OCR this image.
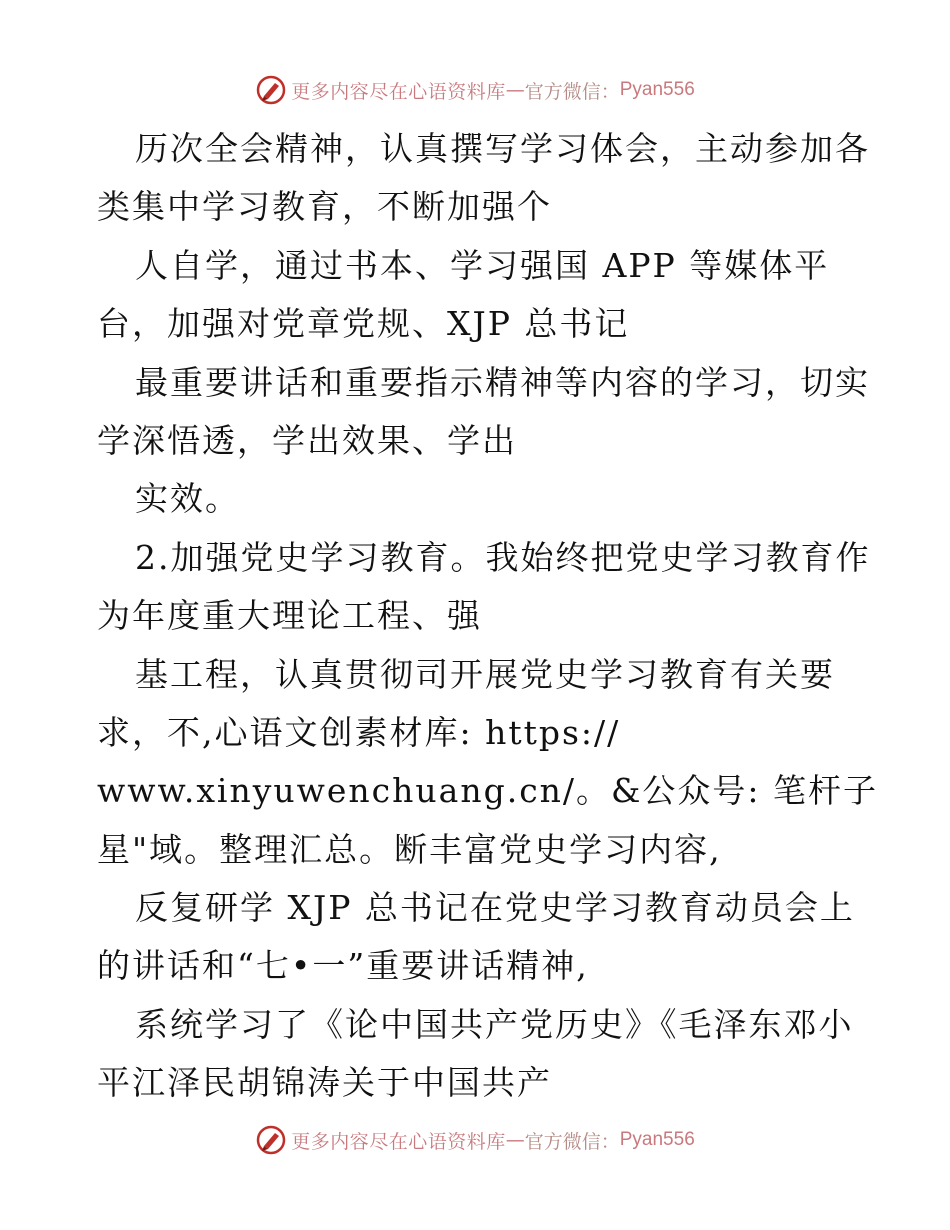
更多内容尽在心语资料库 — 官方微信： Pyan556
历次全会精神，认真撰写学习体会，主动参加各
类集中学习教育，不断加强个
人自学，通过书本、学习强国 APP 等媒体平
台，加强对党章党规、XJP 总书记
最重要讲话和重要指示精神等内容的学习，切实
学深悟透，学出效果、学出
实效。
2.加强党史学习教育。我始终把党史学习教育作
为年度重大理论工程、强
基工程，认真贯彻司开展党史学习教育有关要
求，不,心语文创素材库: https://
www.xinyuwenchuang.cn/。&公众号: 笔杆子
星"域。整理汇总。断丰富党史学习内容,
反复研学 XJP 总书记在党史学习教育动员会上
的讲话和“七•一”重要讲话精神,
系统学习了《论中国共产党历史》《毛泽东邓小
平江泽民胡锦涛关于中国共产
更多内容尽在心语资料库 — 官方微信： Pyan556
